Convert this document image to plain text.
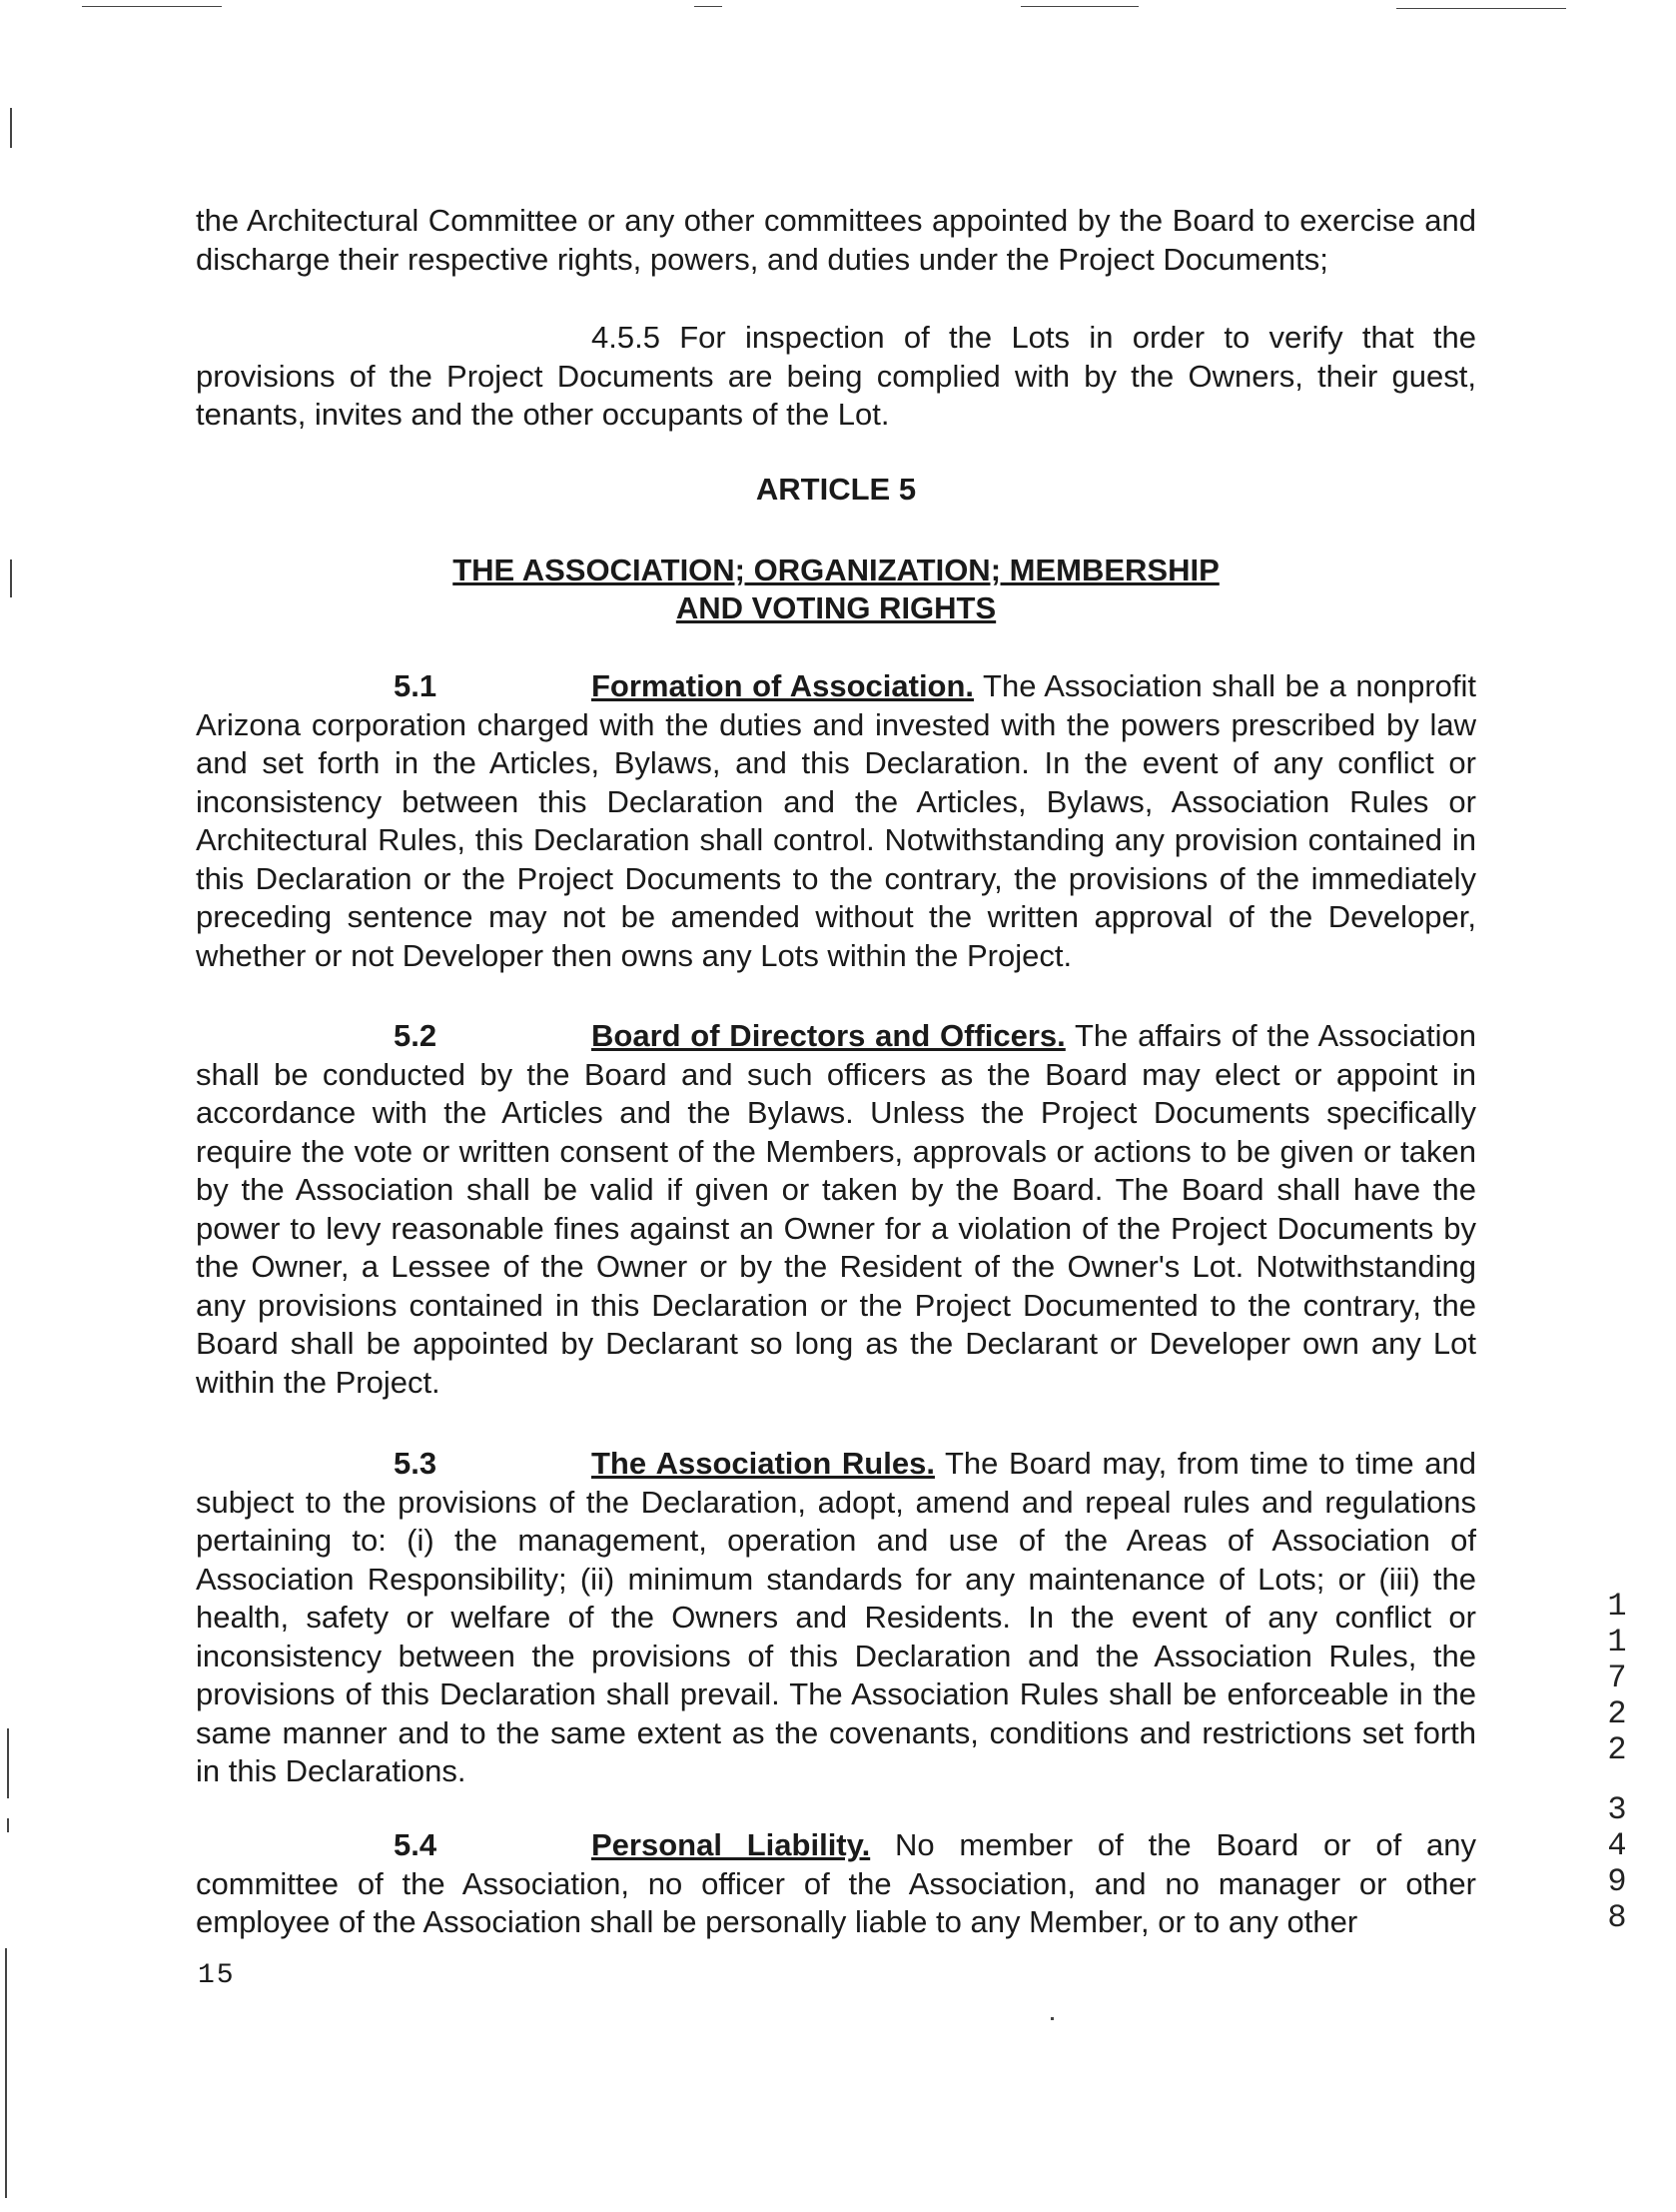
the Architectural Committee or any other committees appointed by the Board to exercise and discharge their respective rights, powers, and duties under the Project Documents;

4.5.5 For inspection of the Lots in order to verify that the provisions of the Project Documents are being complied with by the Owners, their guest, tenants, invites and the other occupants of the Lot.

ARTICLE 5
THE ASSOCIATION; ORGANIZATION; MEMBERSHIP
AND VOTING RIGHTS

5.1	Formation of Association. The Association shall be a nonprofit Arizona corporation charged with the duties and invested with the powers prescribed by law and set forth in the Articles, Bylaws, and this Declaration. In the event of any conflict or inconsistency between this Declaration and the Articles, Bylaws, Association Rules or Architectural Rules, this Declaration shall control. Notwithstanding any provision contained in this Declaration or the Project Documents to the contrary, the provisions of the immediately preceding sentence may not be amended without the written approval of the Developer, whether or not Developer then owns any Lots within the Project.

5.2	Board of Directors and Officers. The affairs of the Association shall be conducted by the Board and such officers as the Board may elect or appoint in accordance with the Articles and the Bylaws. Unless the Project Documents specifically require the vote or written consent of the Members, approvals or actions to be given or taken by the Association shall be valid if given or taken by the Board. The Board shall have the power to levy reasonable fines against an Owner for a violation of the Project Documents by the Owner, a Lessee of the Owner or by the Resident of the Owner's Lot. Notwithstanding any provisions contained in this Declaration or the Project Documented to the contrary, the Board shall be appointed by Declarant so long as the Declarant or Developer own any Lot within the Project.

5.3	The Association Rules. The Board may, from time to time and subject to the provisions of the Declaration, adopt, amend and repeal rules and regulations pertaining to: (i) the management, operation and use of the Areas of Association of Association Responsibility; (ii) minimum standards for any maintenance of Lots; or (iii) the health, safety or welfare of the Owners and Residents. In the event of any conflict or inconsistency between the provisions of this Declaration and the Association Rules, the provisions of this Declaration shall prevail. The Association Rules shall be enforceable in the same manner and to the same extent as the covenants, conditions and restrictions set forth in this Declarations.

5.4	Personal Liability. No member of the Board or of any committee of the Association, no officer of the Association, and no manager or other employee of the Association shall be personally liable to any Member, or to any other

15
1
1
7
2
2
3
4
9
8
